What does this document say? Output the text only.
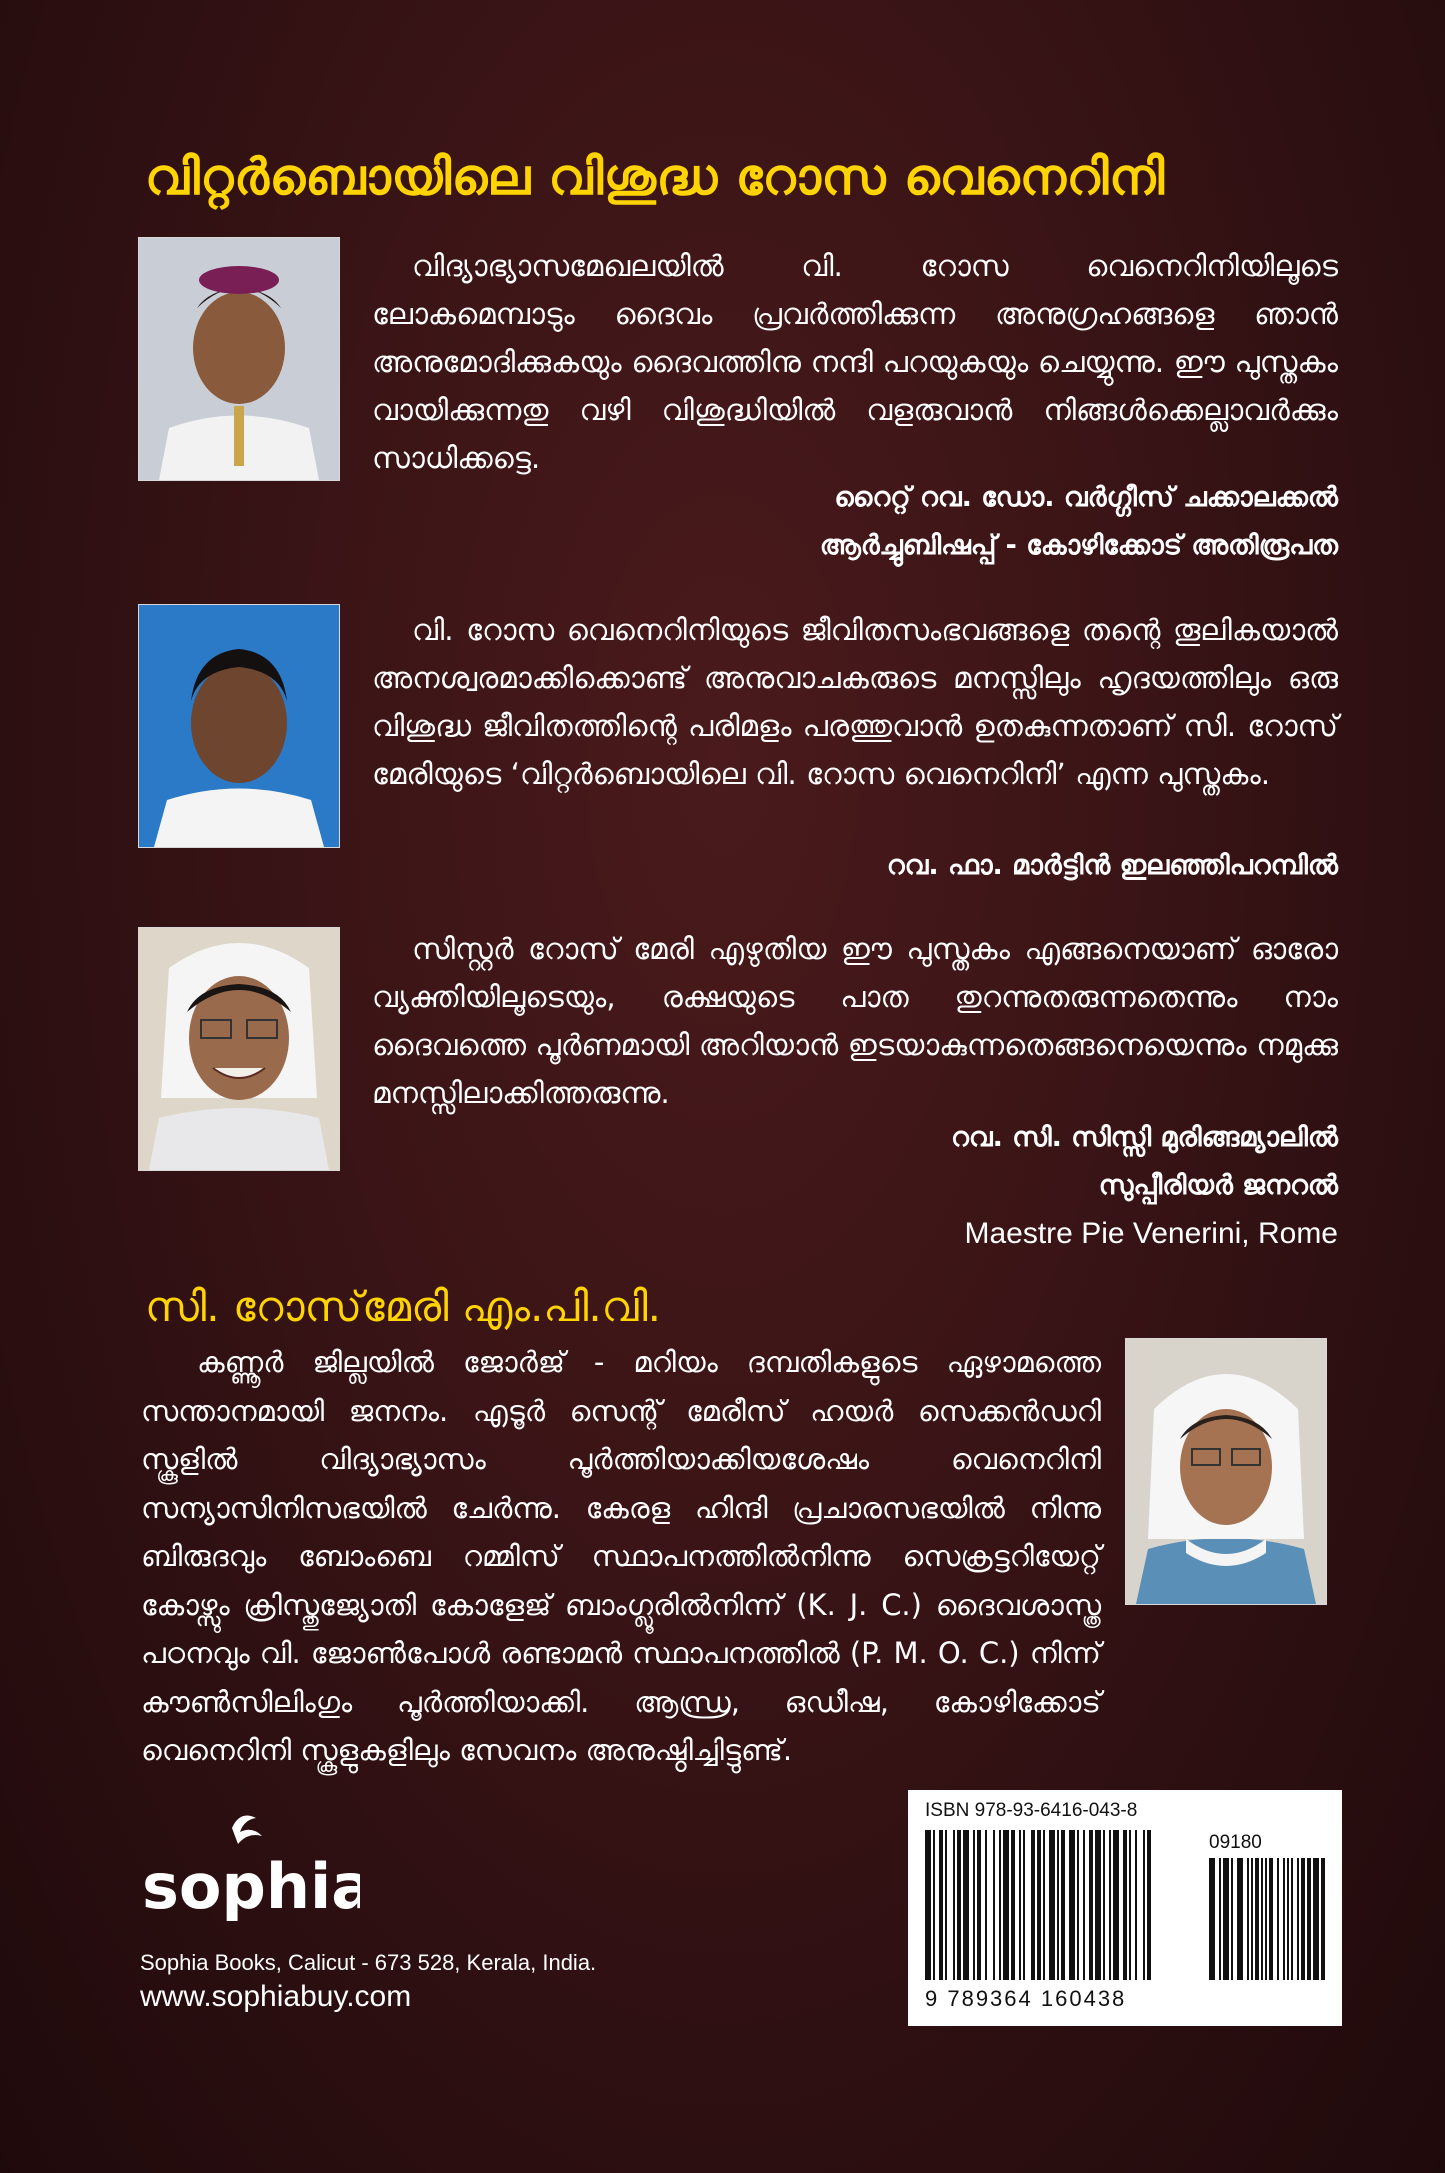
വിറ്റർബൊയിലെ വിശുദ്ധ റോസ വെനെറിനി

വിദ്യാഭ്യാസമേഖലയിൽ വി. റോസ വെനെറിനിയിലൂടെ ലോകമെമ്പാടും ദൈവം പ്രവർത്തിക്കുന്ന അനുഗ്രഹങ്ങളെ ഞാൻ അനുമോദിക്കുകയും ദൈവത്തിനു നന്ദി പറയുകയും ചെയ്യുന്നു. ഈ പുസ്തകം വായിക്കുന്നതു വഴി വിശുദ്ധിയിൽ വളരുവാൻ നിങ്ങൾക്കെല്ലാവർക്കും സാധിക്കട്ടെ.

റൈറ്റ് റവ. ഡോ. വർഗ്ഗീസ് ചക്കാലക്കൽ
ആർച്ചുബിഷപ്പ് - കോഴിക്കോട് അതിരൂപത

വി. റോസ വെനെറിനിയുടെ ജീവിതസംഭവങ്ങളെ തന്റെ തൂലികയാൽ അനശ്വരമാക്കിക്കൊണ്ട് അനുവാചകരുടെ മനസ്സിലും ഹൃദയത്തിലും ഒരു വിശുദ്ധ ജീവിതത്തിന്റെ പരിമളം പരത്തുവാൻ ഉതകുന്നതാണ് സി. റോസ് മേരിയുടെ ‘വിറ്റർബൊയിലെ വി. റോസ വെനെറിനി’ എന്ന പുസ്തകം.

റവ. ഫാ. മാർട്ടിൻ ഇലഞ്ഞിപറമ്പിൽ

സിസ്റ്റർ റോസ് മേരി എഴുതിയ ഈ പുസ്തകം എങ്ങനെയാണ് ഓരോ വ്യക്തിയിലൂടെയും, രക്ഷയുടെ പാത തുറന്നുതരുന്നതെന്നും നാം ദൈവത്തെ പൂർണമായി അറിയാൻ ഇടയാകുന്നതെങ്ങനെയെന്നും നമുക്കു മനസ്സിലാക്കിത്തരുന്നു.

റവ. സി. സിസ്സി മുരിങ്ങമ്യാലിൽ
സുപ്പീരിയർ ജനറൽ
Maestre Pie Venerini, Rome
സി. റോസ്‌മേരി എം.പി.വി.

കണ്ണൂർ ജില്ലയിൽ ജോർജ് - മറിയം ദമ്പതികളുടെ ഏഴാമത്തെ സന്താനമായി ജനനം. എടൂർ സെന്റ് മേരീസ് ഹയർ സെക്കൻഡറി സ്കൂളിൽ വിദ്യാഭ്യാസം പൂർത്തിയാക്കിയശേഷം വെനെറിനി സന്യാസിനിസഭയിൽ ചേർന്നു. കേരള ഹിന്ദി പ്രചാരസഭയിൽ നിന്നു ബിരുദവും ബോംബെ റമ്മിസ് സ്ഥാപനത്തിൽനിന്നു സെക്രട്ടറിയേറ്റ് കോഴ്സും ക്രിസ്തുജ്യോതി കോളേജ് ബാംഗ്ലൂരിൽനിന്ന് (K. J. C.) ദൈവശാസ്ത്ര പഠനവും വി. ജോൺപോൾ രണ്ടാമൻ സ്ഥാപനത്തിൽ (P. M. O. C.) നിന്ന് കൗൺസിലിംഗും പൂർത്തിയാക്കി. ആന്ധ്ര, ഒഡീഷ, കോഴിക്കോട് വെനെറിനി സ്കൂളുകളിലും സേവനം അനുഷ്ഠിച്ചിട്ടുണ്ട്.

sophia
Sophia Books, Calicut - 673 528, Kerala, India.
www.sophiabuy.com
ISBN 978-93-6416-043-8
09180
9 789364 160438
